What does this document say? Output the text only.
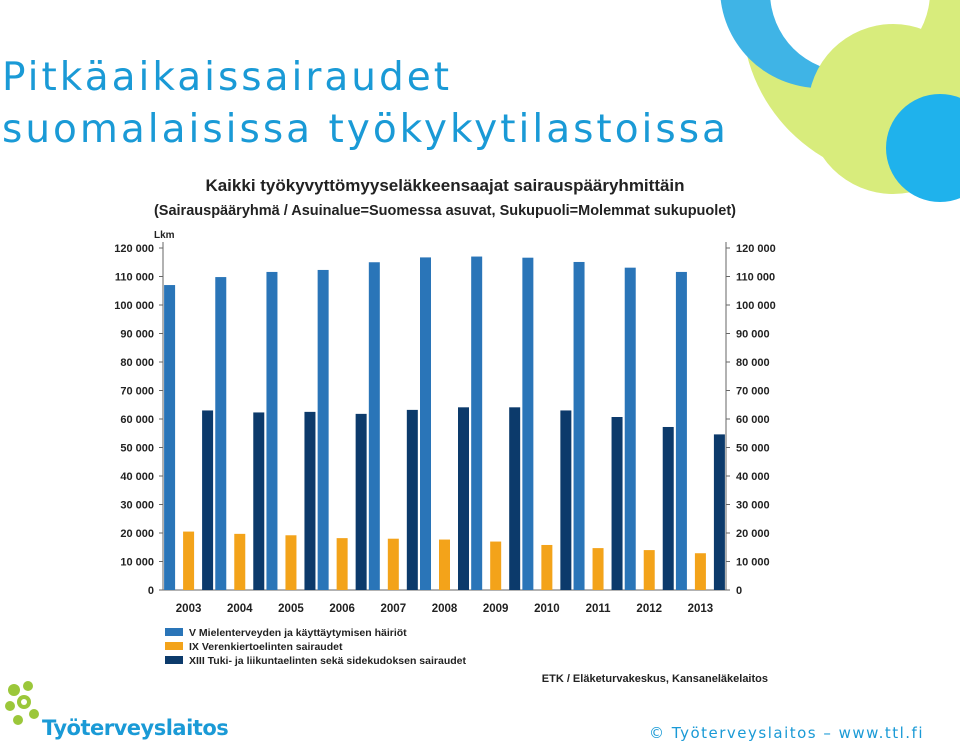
Pitkäaikaissairaudet
suomalaisissa työkykytilastoissa
Kaikki työkyvyttömyyseläkkeensaajat sairauspääryhmittäin
(Sairauspääryhmä / Asuinalue=Suomessa asuvat, Sukupuoli=Molemmat sukupuolet)
Lkm
0	0
10 000	10 000
20 000	20 000
30 000	30 000
40 000	40 000
50 000	50 000
60 000	60 000
70 000	70 000
80 000	80 000
90 000	90 000
100 000	100 000
110 000	110 000
120 000	120 000
2003 2004 2005 2006 2007 2008 2009 2010 2011 2012 2013
V Mielenterveyden ja käyttäytymisen häiriöt
IX Verenkiertoelinten sairaudet
XIII Tuki- ja liikuntaelinten sekä sidekudoksen sairaudet
ETK / Eläketurvakeskus, Kansaneläkelaitos
Työterveyslaitos	© Työterveyslaitos – www.ttl.fi
